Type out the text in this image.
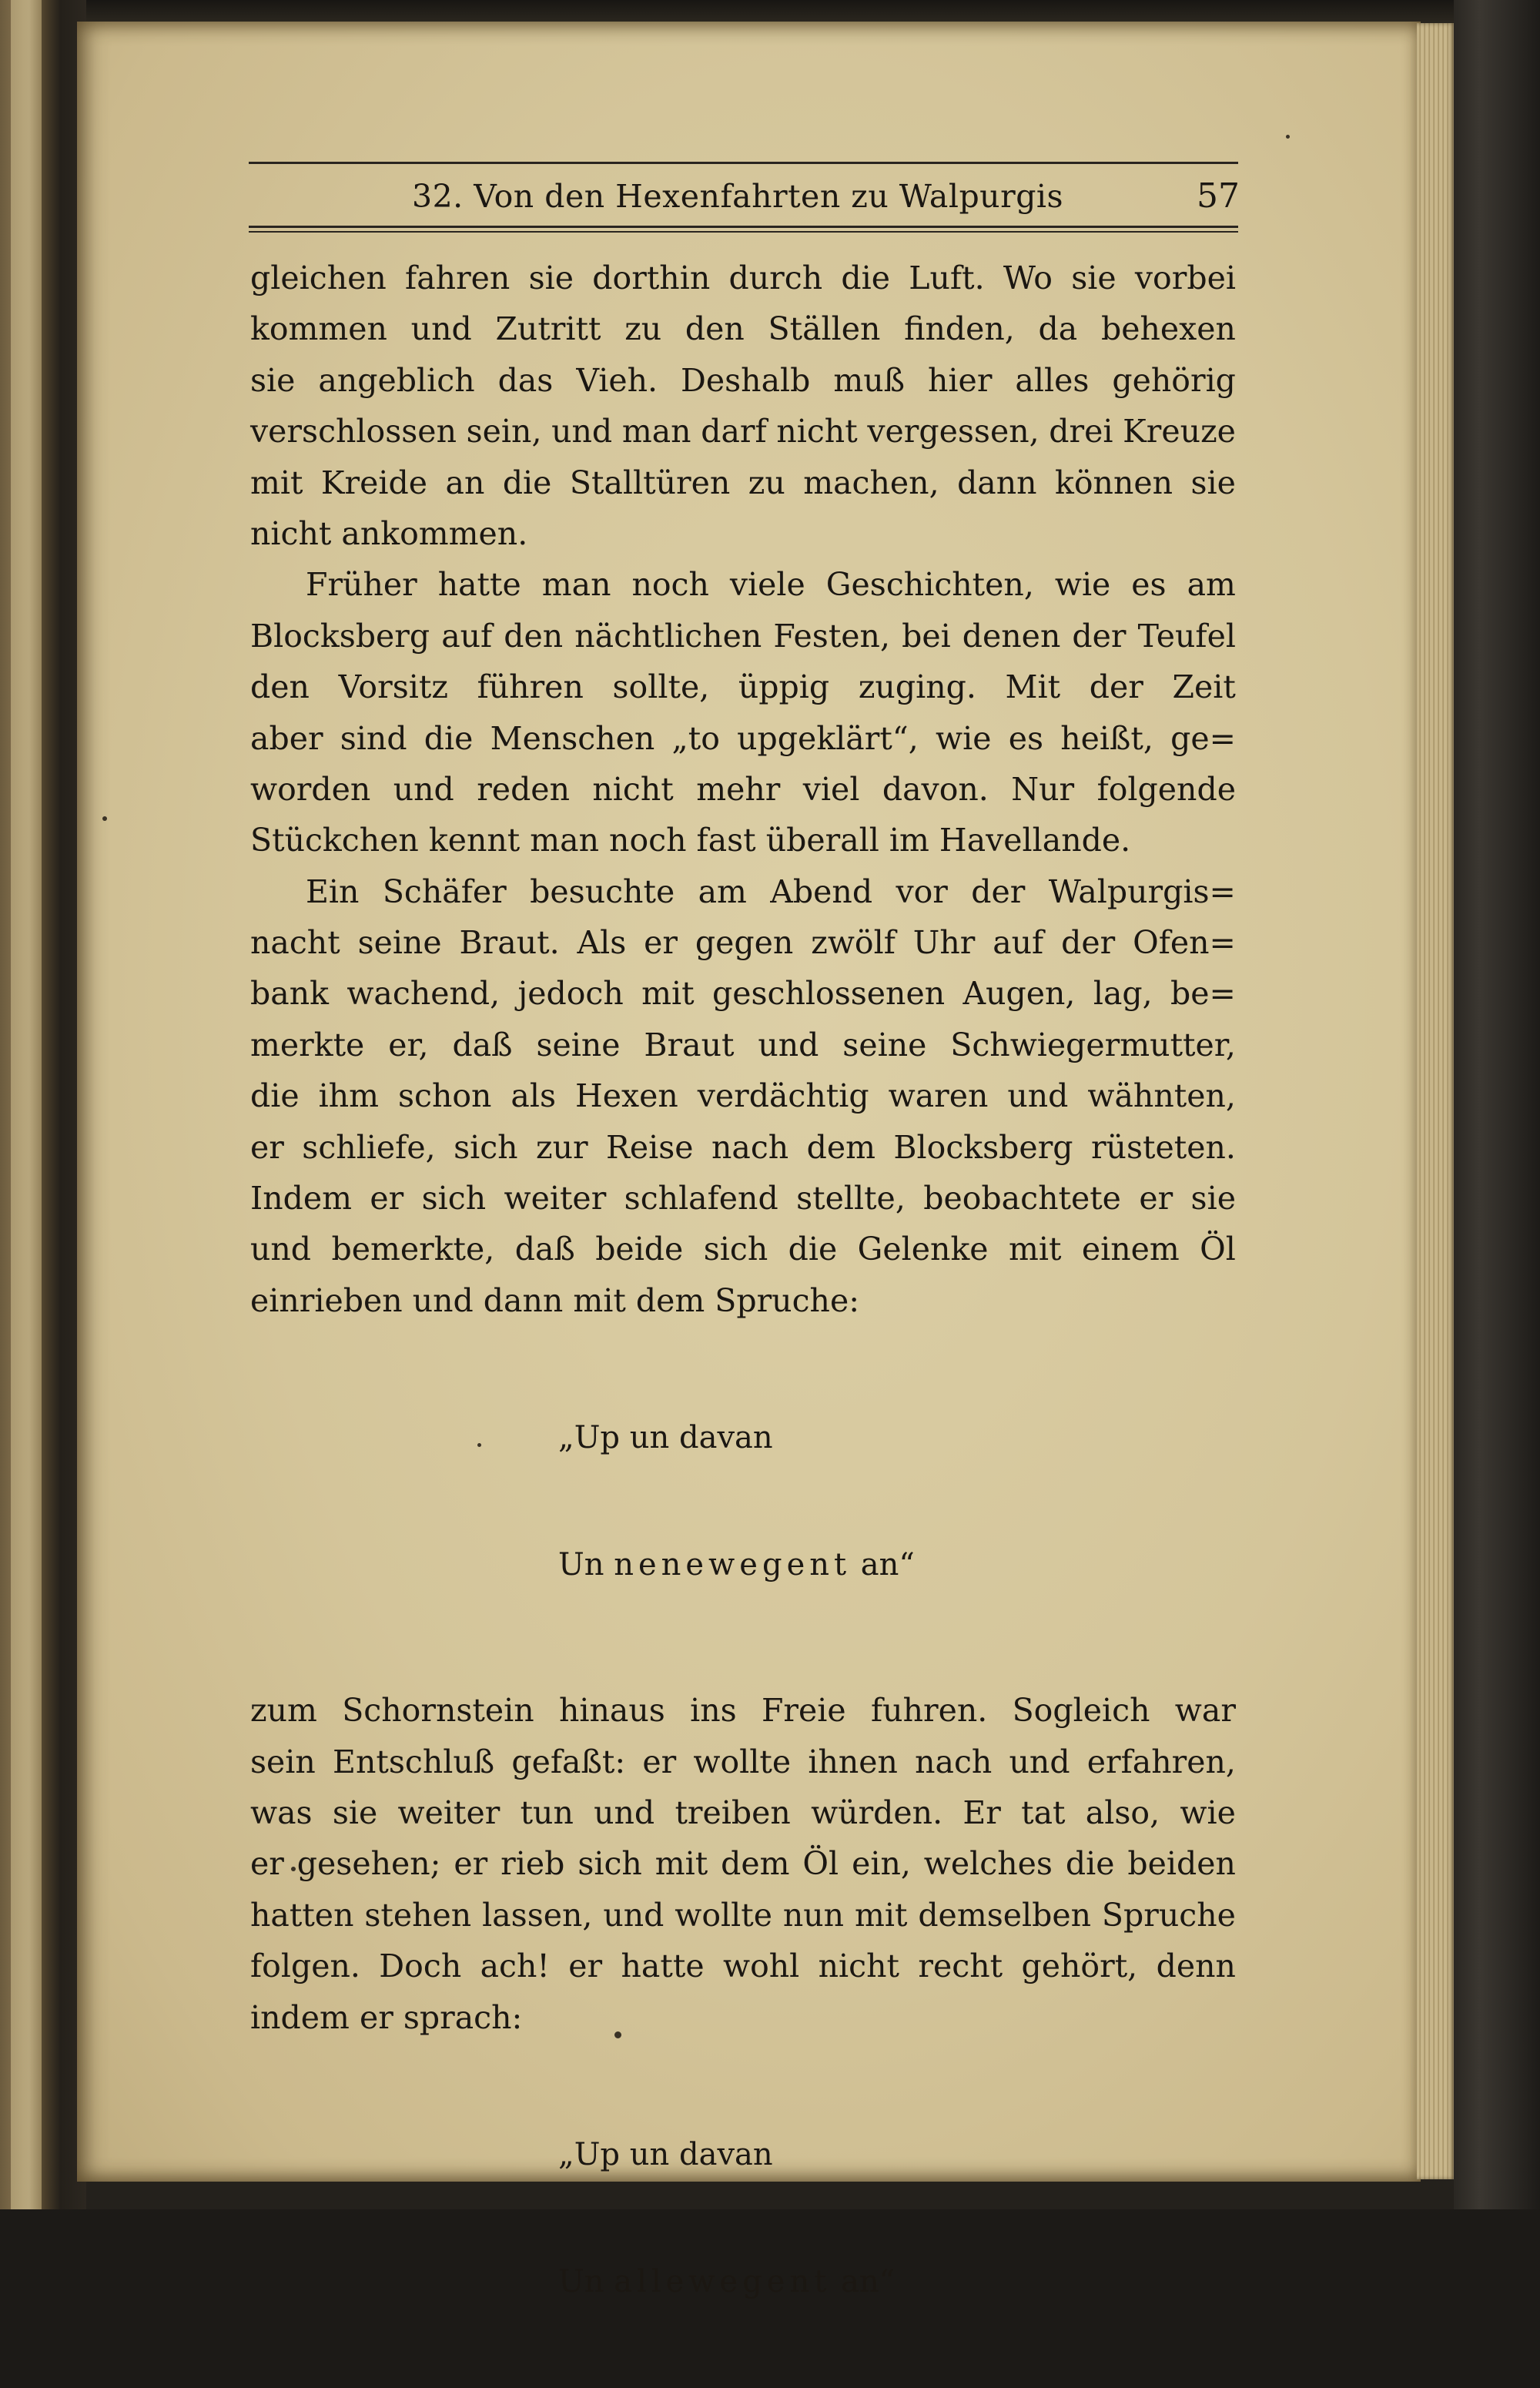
32. Von den Hexenfahrten zu Walpurgis	57
gleichen fahren sie dorthin durch die Luft. Wo sie vorbei
kommen und Zutritt zu den Ställen finden, da behexen
sie angeblich das Vieh. Deshalb muß hier alles gehörig
verschlossen sein, und man darf nicht vergessen, drei Kreuze
mit Kreide an die Stalltüren zu machen, dann können sie
nicht ankommen.
Früher hatte man noch viele Geschichten, wie es am
Blocksberg auf den nächtlichen Festen, bei denen der Teufel
den Vorsitz führen sollte, üppig zuging. Mit der Zeit
aber sind die Menschen „to upgeklärt“, wie es heißt, ge=
worden und reden nicht mehr viel davon. Nur folgende
Stückchen kennt man noch fast überall im Havellande.
Ein Schäfer besuchte am Abend vor der Walpurgis=
nacht seine Braut. Als er gegen zwölf Uhr auf der Ofen=
bank wachend, jedoch mit geschlossenen Augen, lag, be=
merkte er, daß seine Braut und seine Schwiegermutter,
die ihm schon als Hexen verdächtig waren und wähnten,
er schliefe, sich zur Reise nach dem Blocksberg rüsteten.
Indem er sich weiter schlafend stellte, beobachtete er sie
und bemerkte, daß beide sich die Gelenke mit einem Öl
einrieben und dann mit dem Spruche:

„Up un davan

Un nenewegent an“

zum Schornstein hinaus ins Freie fuhren. Sogleich war
sein Entschluß gefaßt: er wollte ihnen nach und erfahren,
was sie weiter tun und treiben würden. Er tat also, wie
er gesehen; er rieb sich mit dem Öl ein, welches die beiden
hatten stehen lassen, und wollte nun mit demselben Spruche
folgen. Doch ach! er hatte wohl nicht recht gehört, denn
indem er sprach:

„Up un davan

Un allewegent an“
